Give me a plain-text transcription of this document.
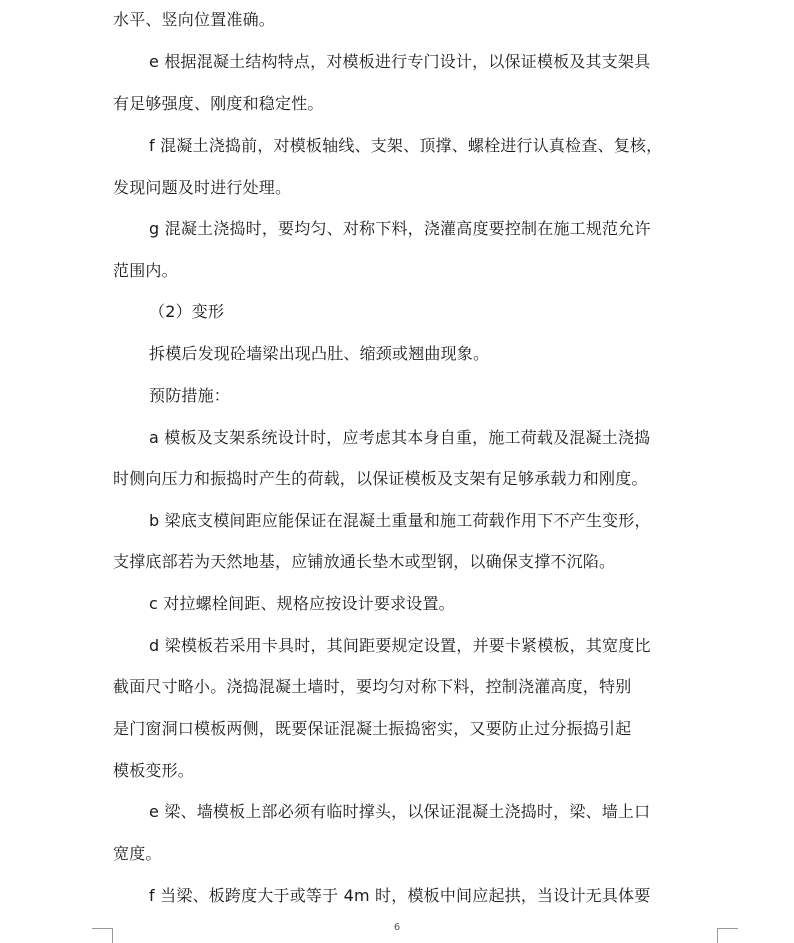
水平、竖向位置准确。
e 根据混凝土结构特点，对模板进行专门设计，以保证模板及其支架具
有足够强度、刚度和稳定性。
f 混凝土浇捣前，对模板轴线、支架、顶撑、螺栓进行认真检查、复核，
发现问题及时进行处理。
g 混凝土浇捣时，要均匀、对称下料，浇灌高度要控制在施工规范允许
范围内。
（2）变形
拆模后发现砼墙梁出现凸肚、缩颈或翘曲现象。
预防措施：
a 模板及支架系统设计时，应考虑其本身自重，施工荷载及混凝土浇捣
时侧向压力和振捣时产生的荷载，以保证模板及支架有足够承载力和刚度。
b 梁底支模间距应能保证在混凝土重量和施工荷载作用下不产生变形，
支撑底部若为天然地基，应铺放通长垫木或型钢，以确保支撑不沉陷。
c 对拉螺栓间距、规格应按设计要求设置。
d 梁模板若采用卡具时，其间距要规定设置，并要卡紧模板，其宽度比
截面尺寸略小。浇捣混凝土墙时，要均匀对称下料，控制浇灌高度，特别
是门窗洞口模板两侧，既要保证混凝土振捣密实，又要防止过分振捣引起
模板变形。
e 梁、墙模板上部必须有临时撑头，以保证混凝土浇捣时，梁、墙上口
宽度。
f 当梁、板跨度大于或等于 4m 时，模板中间应起拱，当设计无具体要
6
